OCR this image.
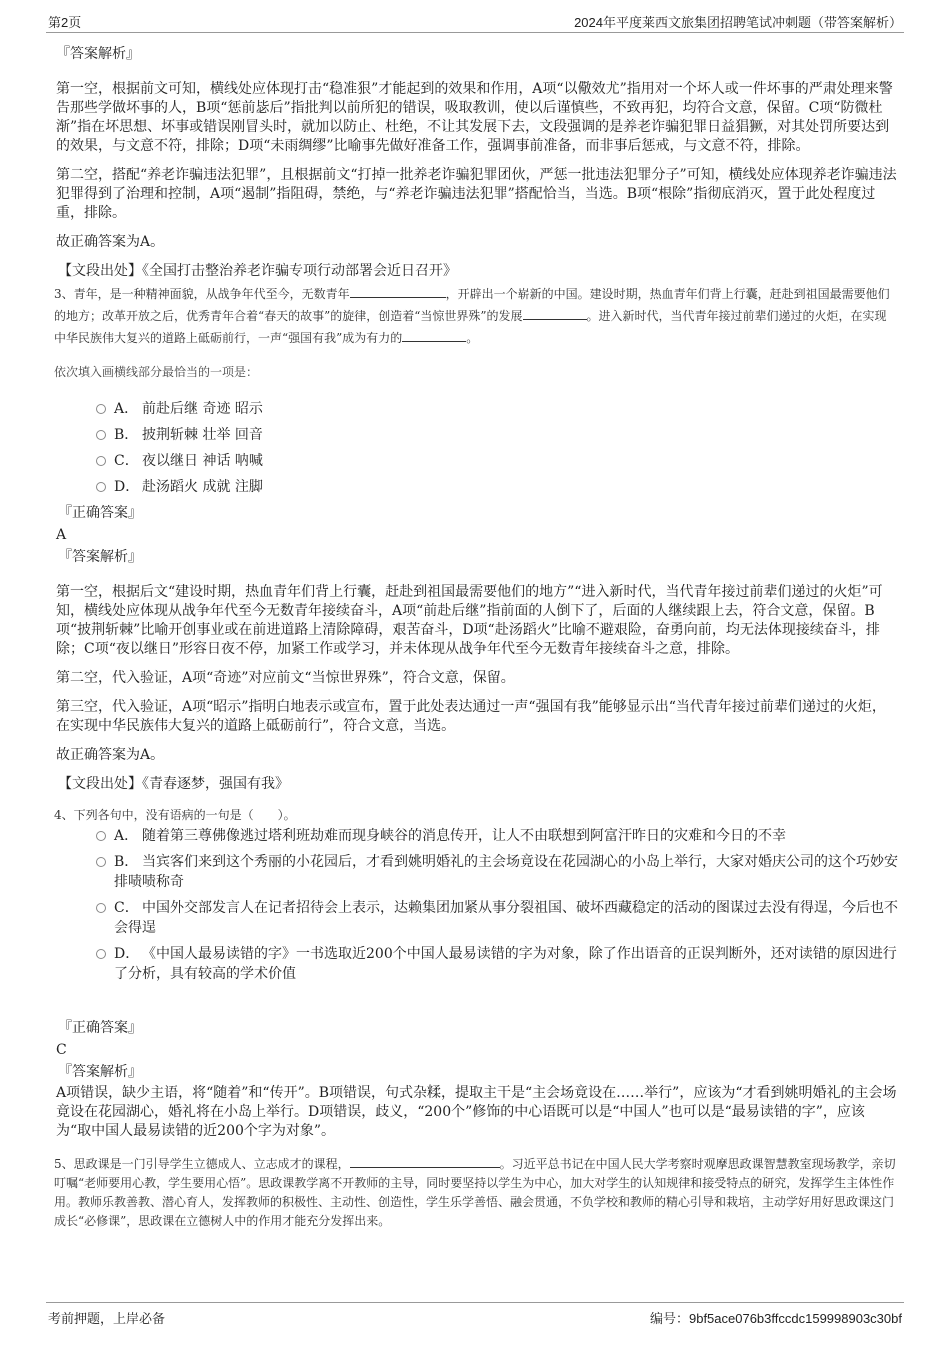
第2页	2024年平度莱西文旅集团招聘笔试冲刺题（带答案解析）

『答案解析』

第一空，根据前文可知，横线处应体现打击“稳准狠”才能起到的效果和作用，A项“以儆效尤”指用对一个坏人或一件坏事的严肃处理来警告那些学做坏事的人，B项“惩前毖后”指批判以前所犯的错误，吸取教训，使以后谨慎些，不致再犯，均符合文意，保留。C项“防微杜渐”指在坏思想、坏事或错误刚冒头时，就加以防止、杜绝，不让其发展下去，文段强调的是养老诈骗犯罪日益猖獗，对其处罚所要达到的效果，与文意不符，排除；D项“未雨绸缪”比喻事先做好准备工作，强调事前准备，而非事后惩戒，与文意不符，排除。

第二空，搭配“养老诈骗违法犯罪”，且根据前文“打掉一批养老诈骗犯罪团伙，严惩一批违法犯罪分子”可知，横线处应体现养老诈骗违法犯罪得到了治理和控制，A项“遏制”指阻碍，禁绝，与“养老诈骗违法犯罪”搭配恰当，当选。B项“根除”指彻底消灭，置于此处程度过重，排除。

故正确答案为A。

【文段出处】《全国打击整治养老诈骗专项行动部署会近日召开》

3、青年，是一种精神面貌，从战争年代至今，无数青年	，开辟出一个崭新的中国。建设时期，热血青年们背上行囊，赶赴到祖国最需要他们的地方；改革开放之后，优秀青年合着“春天的故事”的旋律，创造着“当惊世界殊”的发展	。进入新时代，当代青年接过前辈们递过的火炬，在实现中华民族伟大复兴的道路上砥砺前行，一声“强国有我”成为有力的	。

依次填入画横线部分最恰当的一项是：

A． 前赴后继 奇迹 昭示
B． 披荆斩棘 壮举 回音
C． 夜以继日 神话 呐喊
D． 赴汤蹈火 成就 注脚

『正确答案』

A

『答案解析』

第一空，根据后文“建设时期，热血青年们背上行囊，赶赴到祖国最需要他们的地方”“进入新时代，当代青年接过前辈们递过的火炬”可知，横线处应体现从战争年代至今无数青年接续奋斗，A项“前赴后继”指前面的人倒下了，后面的人继续跟上去，符合文意，保留。B项“披荆斩棘”比喻开创事业或在前进道路上清除障碍，艰苦奋斗，D项“赴汤蹈火”比喻不避艰险，奋勇向前，均无法体现接续奋斗，排除；C项“夜以继日”形容日夜不停，加紧工作或学习，并未体现从战争年代至今无数青年接续奋斗之意，排除。

第二空，代入验证，A项“奇迹”对应前文“当惊世界殊”，符合文意，保留。

第三空，代入验证，A项“昭示”指明白地表示或宣布，置于此处表达通过一声“强国有我”能够显示出“当代青年接过前辈们递过的火炬，在实现中华民族伟大复兴的道路上砥砺前行”，符合文意，当选。

故正确答案为A。

【文段出处】《青春逐梦，强国有我》

4、下列各句中，没有语病的一句是（　　）。

A． 随着第三尊佛像逃过塔利班劫难而现身峡谷的消息传开，让人不由联想到阿富汗昨日的灾难和今日的不幸
B． 当宾客们来到这个秀丽的小花园后，才看到姚明婚礼的主会场竟设在花园湖心的小岛上举行，大家对婚庆公司的这个巧妙安排啧啧称奇
C． 中国外交部发言人在记者招待会上表示，达赖集团加紧从事分裂祖国、破坏西藏稳定的活动的图谋过去没有得逞，今后也不会得逞
D． 《中国人最易读错的字》一书选取近200个中国人最易读错的字为对象，除了作出语音的正误判断外，还对读错的原因进行了分析，具有较高的学术价值

『正确答案』

C

『答案解析』

A项错误，缺少主语，将“随着”和“传开”。B项错误，句式杂糅，提取主干是“主会场竟设在……举行”，应该为“才看到姚明婚礼的主会场竟设在花园湖心，婚礼将在小岛上举行。D项错误，歧义，“200个”修饰的中心语既可以是“中国人”也可以是“最易读错的字”，应该为“取中国人最易读错的近200个字为对象”。

5、思政课是一门引导学生立德成人、立志成才的课程，	。习近平总书记在中国人民大学考察时观摩思政课智慧教室现场教学，亲切叮嘱“老师要用心教，学生要用心悟”。思政课教学离不开教师的主导，同时要坚持以学生为中心，加大对学生的认知规律和接受特点的研究，发挥学生主体性作用。教师乐教善教、潜心育人，发挥教师的积极性、主动性、创造性，学生乐学善悟、融会贯通，不负学校和教师的精心引导和栽培，主动学好用好思政课这门成长“必修课”，思政课在立德树人中的作用才能充分发挥出来。

考前押题，上岸必备	编号：9bf5ace076b3ffccdc159998903c30bf
